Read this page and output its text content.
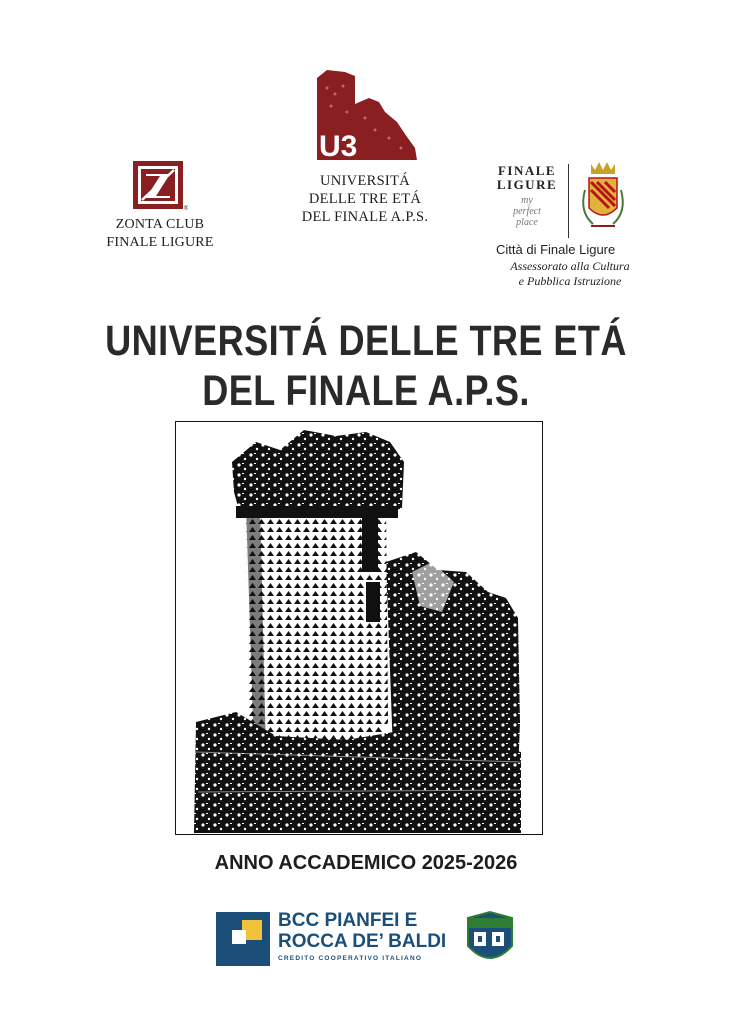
®
ZONTA CLUB
FINALE LIGURE
U3
UNIVERSITÁ
DELLE TRE ETÁ
DEL FINALE A.P.S.
FINALE
LIGURE
my
perfect
place
Città di Finale Ligure
Assessorato alla Cultura
e Pubblica Istruzione
UNIVERSITÁ DELLE TRE ETÁ
DEL FINALE A.P.S.
ANNO ACCADEMICO 2025-2026
BCC PIANFEI E
ROCCA DE’ BALDI
CREDITO COOPERATIVO ITALIANO
